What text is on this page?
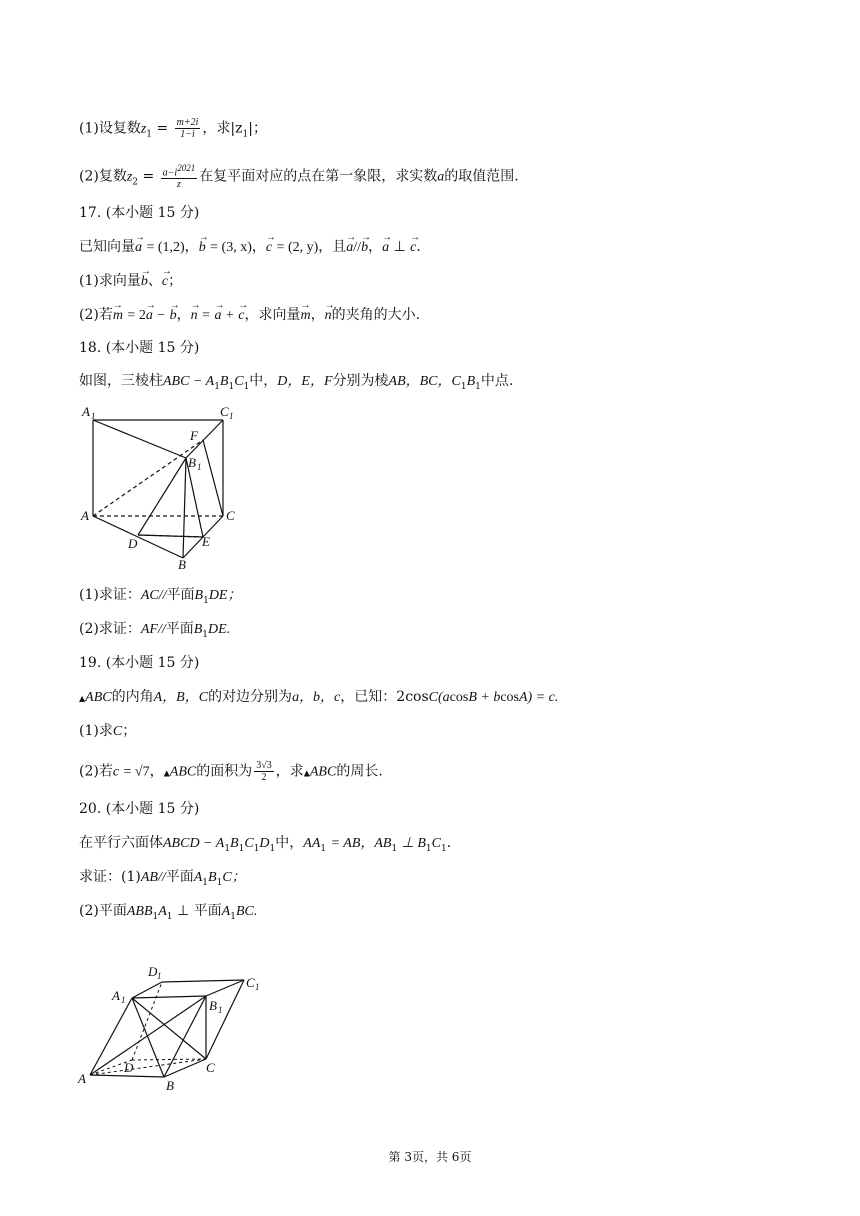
(1)设复数$z_1 = \frac{m+2i}{1-i}$ ，求$|z_1|$；
(2)复数$z_2 = \frac{a-i^{2021}}{z}$ 在复平面对应的点在第一象限，求实数a的取值范围.
17. (本小题 15 分)
已知向量→ a = (1,2)，→ b = (3, x)，→ c = (2, y)，且→ a//→ b，→ a ⊥ → c.
(1)求向量→ b、→ c；
(2)若→ m = 2→ a − → b，→ n = → a + → c，求向量→ m，→ n的夹角的大小.
18. (本小题 15 分)
如图，三棱柱ABC − $A_1B_1C_1$中，D，E，F分别为棱AB，BC，$C_1B_1$中点.
A 1	C 1
F
B 1
A	C
D	E
B
(1)求证：AC//平面$B_1DE$；
(2)求证：AF//平面$B_1DE$.
19. (本小题 15 分)
▲ABC的内角A，B，C的对边分别为a，b，c，已知：2cosC(acosB + bcosA) = c.
(1)求C；
(2)若c = √7，▲ABC的面积为 $\frac{3√3}{2}$ ，求▲ABC的周长.
20. (本小题 15 分)
在平行六面体ABCD − $A_1B_1C_1D_1$中，$AA_1$ = AB，$AB_1$ ⊥ $B_1C_1$.
求证：(1)AB//平面$A_1B_1C$；
(2)平面$ABB_1A_1$ ⊥ 平面$A_1BC$.
D 1	C 1
A 1	B 1
A
D
B
C
第 3页，共 6页
